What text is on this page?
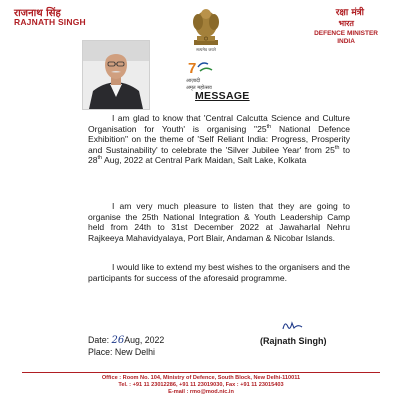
राजनाथ सिंह
RAJNATH SINGH
सत्यमेव जयते
7
आज़ादी
अमृत महोत्सव
MESSAGE
रक्षा मंत्री
भारत
DEFENCE MINISTER
INDIA
I am glad to know that 'Central Calcutta Science and Culture Organisation for Youth' is organising "25th National Defence Exhibition" on the theme of 'Self Reliant India: Progress, Prosperity and Sustainability' to celebrate the 'Silver Jubilee Year' from 25th to 28th Aug, 2022 at Central Park Maidan, Salt Lake, Kolkata
I am very much pleasure to listen that they are going to organise the 25th National Integration & Youth Leadership Camp held from 24th to 31st December 2022 at Jawaharlal Nehru Rajkeeya Mahavidyalaya, Port Blair, Andaman & Nicobar Islands.
I would like to extend my best wishes to the organisers and the participants for success of the aforesaid programme.
Date: 26Aug, 2022
Place: New Delhi
(Rajnath Singh)
Office : Room No. 104, Ministry of Defence, South Block, New Delhi-110011
Tel. : +91 11 23012286, +91 11 23019030, Fax : +91 11 23015403
E-mail : rmo@mod.nic.in
